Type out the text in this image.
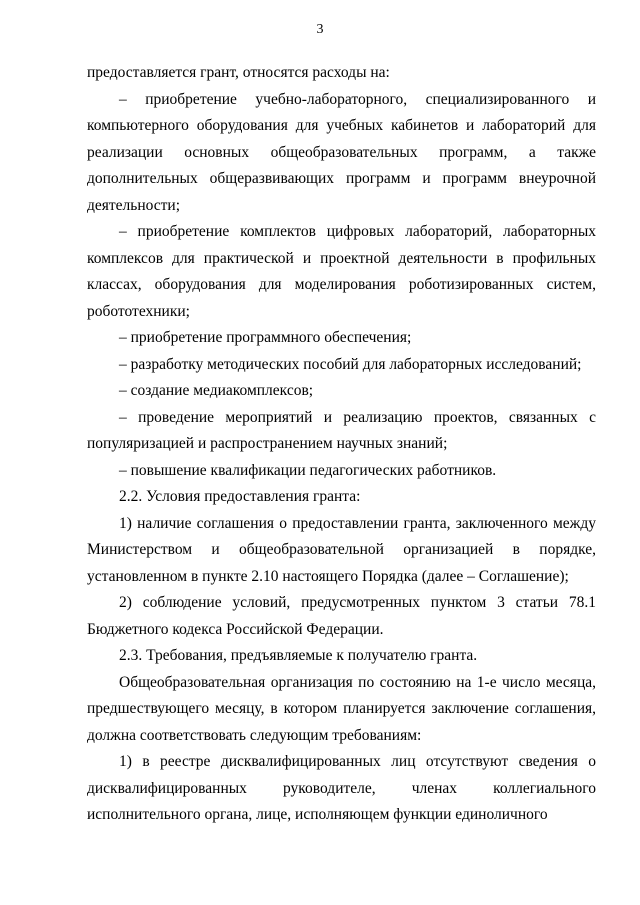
3

предоставляется грант, относятся расходы на:

– приобретение учебно-лабораторного, специализированного и компьютерного оборудования для учебных кабинетов и лабораторий для реализации основных общеобразовательных программ, а также дополнительных общеразвивающих программ и программ внеурочной деятельности;

– приобретение комплектов цифровых лабораторий, лабораторных комплексов для практической и проектной деятельности в профильных классах, оборудования для моделирования роботизированных систем, робототехники;

– приобретение программного обеспечения;

– разработку методических пособий для лабораторных исследований;

– создание медиакомплексов;

– проведение мероприятий и реализацию проектов, связанных с популяризацией и распространением научных знаний;

– повышение квалификации педагогических работников.

2.2. Условия предоставления гранта:

1) наличие соглашения о предоставлении гранта, заключенного между Министерством и общеобразовательной организацией в порядке, установленном в пункте 2.10 настоящего Порядка (далее – Соглашение);

2) соблюдение условий, предусмотренных пунктом 3 статьи 78.1 Бюджетного кодекса Российской Федерации.

2.3. Требования, предъявляемые к получателю гранта.

Общеобразовательная организация по состоянию на 1-е число месяца, предшествующего месяцу, в котором планируется заключение соглашения, должна соответствовать следующим требованиям:

1) в реестре дисквалифицированных лиц отсутствуют сведения о дисквалифицированных руководителе, членах коллегиального исполнительного органа, лице, исполняющем функции единоличного
